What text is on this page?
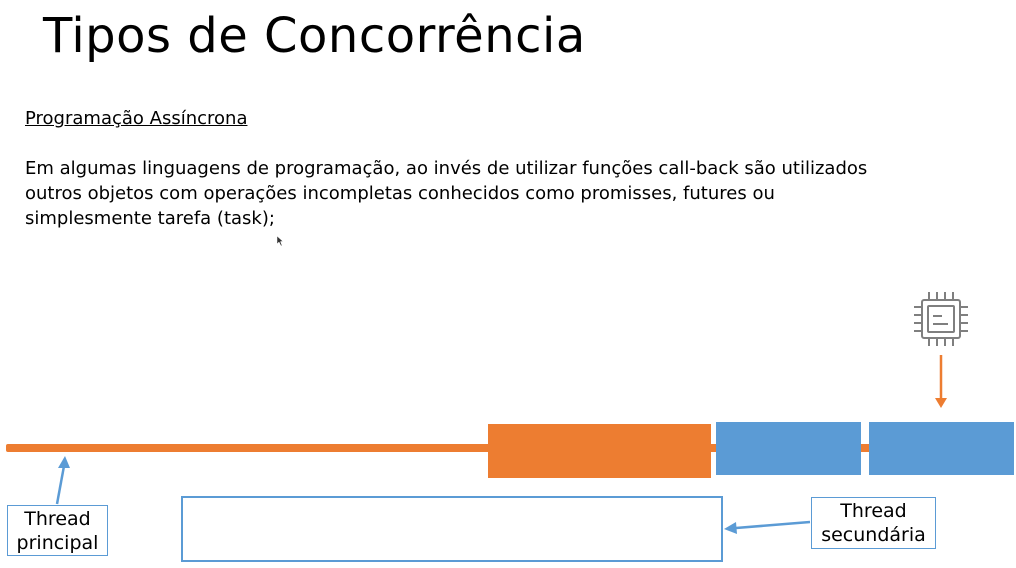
Tipos de Concorrência
Programação Assíncrona

Em algumas linguagens de programação, ao invés de utilizar funções call-back são utilizados
outros objetos com operações incompletas conhecidos como promisses, futures ou
simplesmente tarefa (task);

Thread
principal
Thread
secundária
